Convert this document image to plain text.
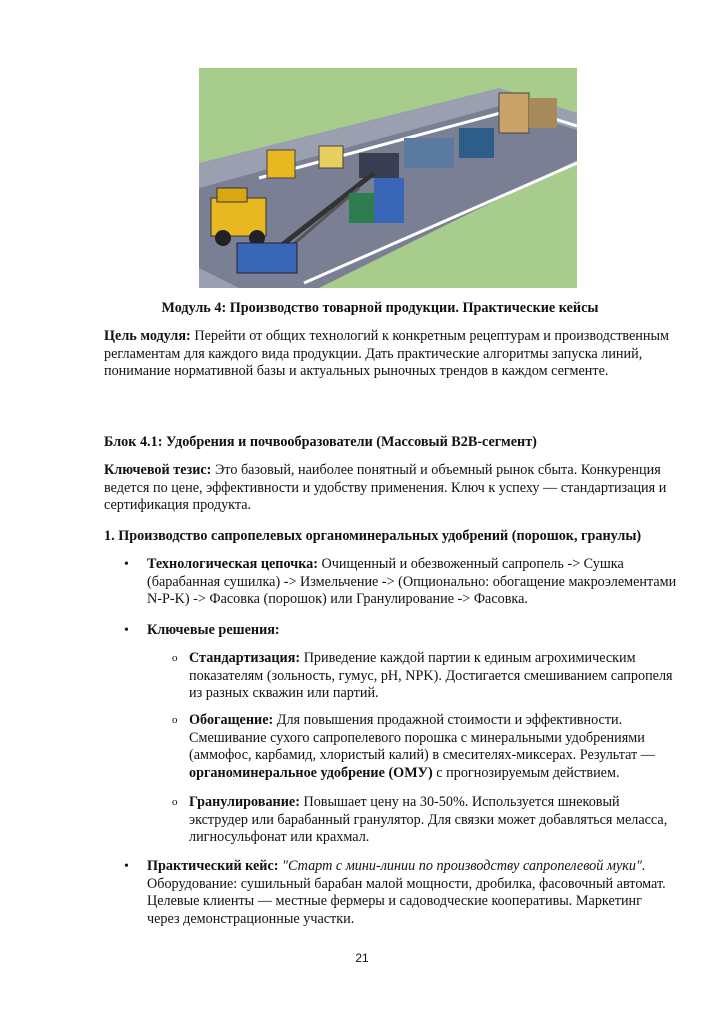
Модуль 4: Производство товарной продукции. Практические кейсы

Цель модуля: Перейти от общих технологий к конкретным рецептурам и производственным регламентам для каждого вида продукции. Дать практические алгоритмы запуска линий, понимание нормативной базы и актуальных рыночных трендов в каждом сегменте.

Блок 4.1: Удобрения и почвообразователи (Массовый B2B-сегмент)

Ключевой тезис: Это базовый, наиболее понятный и объемный рынок сбыта. Конкуренция ведется по цене, эффективности и удобству применения. Ключ к успеху — стандартизация и сертификация продукта.

1. Производство сапропелевых органоминеральных удобрений (порошок, гранулы)

• Технологическая цепочка: Очищенный и обезвоженный сапропель -> Сушка (барабанная сушилка) -> Измельчение -> (Опционально: обогащение макроэлементами N-P-K) -> Фасовка (порошок) или Гранулирование -> Фасовка.

• Ключевые решения:

o Стандартизация: Приведение каждой партии к единым агрохимическим показателям (зольность, гумус, pH, NPK). Достигается смешиванием сапропеля из разных скважин или партий.

o Обогащение: Для повышения продажной стоимости и эффективности. Смешивание сухого сапропелевого порошка с минеральными удобрениями (аммофос, карбамид, хлористый калий) в смесителях-миксерах. Результат — органоминеральное удобрение (ОМУ) с прогнозируемым действием.

o Гранулирование: Повышает цену на 30-50%. Используется шнековый экструдер или барабанный гранулятор. Для связки может добавляться меласса, лигносульфонат или крахмал.

• Практический кейс: "Старт с мини-линии по производству сапропелевой муки". Оборудование: сушильный барабан малой мощности, дробилка, фасовочный автомат. Целевые клиенты — местные фермеры и садоводческие кооперативы. Маркетинг через демонстрационные участки.

21
